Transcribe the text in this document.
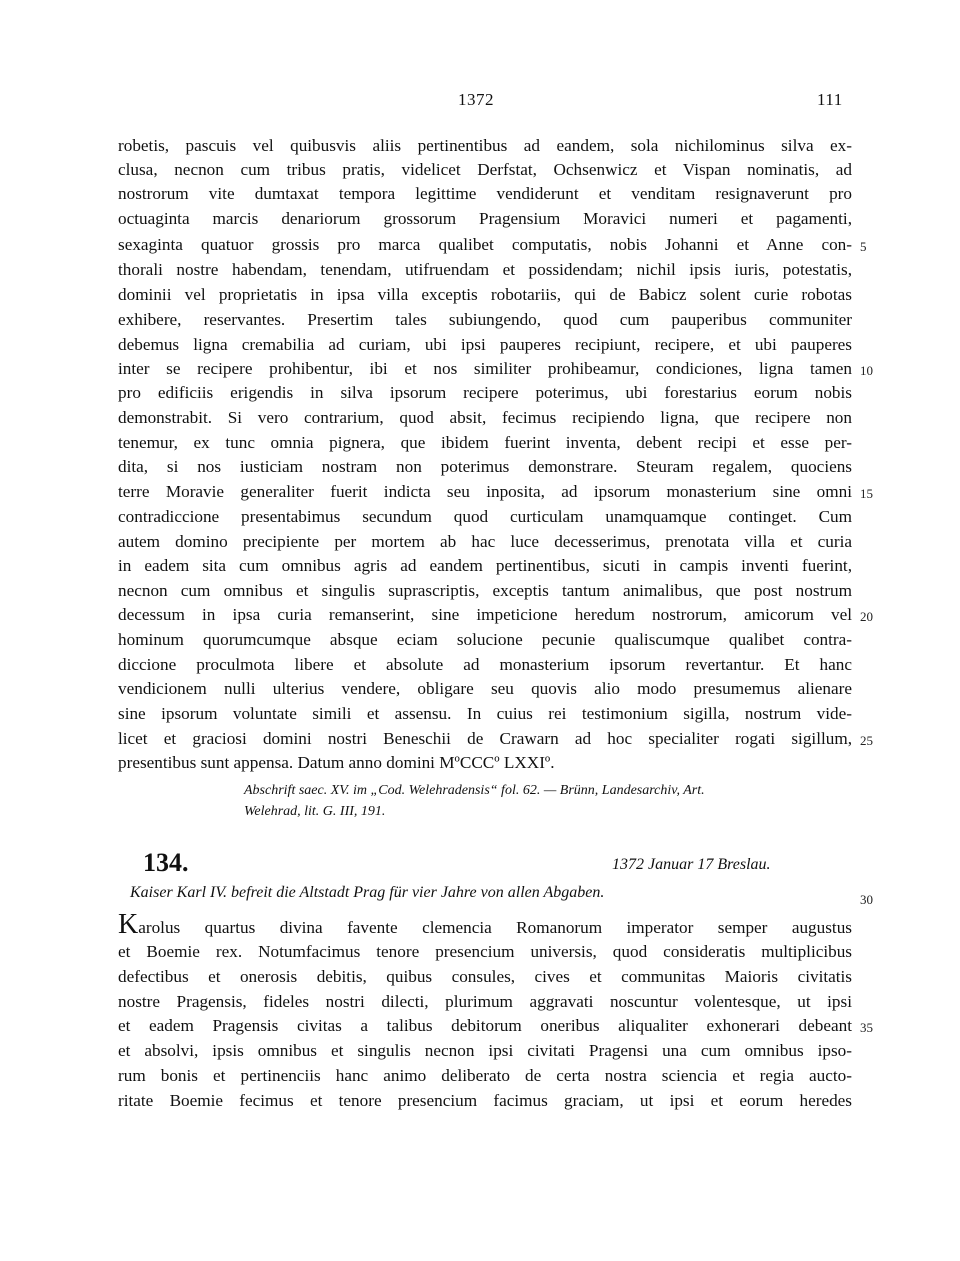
1372	111
robetis, pascuis vel quibusvis aliis pertinentibus ad eandem, sola nichilominus silva ex-
clusa, necnon cum tribus pratis, videlicet Derfstat, Ochsenwicz et Vispan nominatis, ad
nostrorum vite dumtaxat tempora legittime vendiderunt et venditam resignaverunt pro
octuaginta marcis denariorum grossorum Pragensium Moravici numeri et pagamenti,
sexaginta quatuor grossis pro marca qualibet computatis, nobis Johanni et Anne con- 5
thorali nostre habendam, tenendam, utifruendam et possidendam; nichil ipsis iuris, potestatis,
dominii vel proprietatis in ipsa villa exceptis robotariis, qui de Babicz solent curie robotas
exhibere, reservantes. Presertim tales subiungendo, quod cum pauperibus communiter
debemus ligna cremabilia ad curiam, ubi ipsi pauperes recipiunt, recipere, et ubi pauperes
inter se recipere prohibentur, ibi et nos similiter prohibeamur, condiciones, ligna tamen 10
pro edificiis erigendis in silva ipsorum recipere poterimus, ubi forestarius eorum nobis
demonstrabit. Si vero contrarium, quod absit, fecimus recipiendo ligna, que recipere non
tenemur, ex tunc omnia pignera, que ibidem fuerint inventa, debent recipi et esse per-
dita, si nos iusticiam nostram non poterimus demonstrare. Steuram regalem, quociens
terre Moravie generaliter fuerit indicta seu inposita, ad ipsorum monasterium sine omni 15
contradiccione presentabimus secundum quod curticulam unamquamque continget. Cum
autem domino precipiente per mortem ab hac luce decesserimus, prenotata villa et curia
in eadem sita cum omnibus agris ad eandem pertinentibus, sicuti in campis inventi fuerint,
necnon cum omnibus et singulis suprascriptis, exceptis tantum animalibus, que post nostrum
decessum in ipsa curia remanserint, sine impeticione heredum nostrorum, amicorum vel 20
hominum quorumcumque absque eciam solucione pecunie qualiscumque qualibet contra-
diccione proculmota libere et absolute ad monasterium ipsorum revertantur. Et hanc
vendicionem nulli ulterius vendere, obligare seu quovis alio modo presumemus alienare
sine ipsorum voluntate simili et assensu. In cuius rei testimonium sigilla, nostrum vide-
licet et graciosi domini nostri Beneschii de Crawarn ad hoc specialiter rogati sigillum, 25
presentibus sunt appensa. Datum anno domini MºCCCº LXXIº.
Abschrift saec. XV. im „Cod. Welehradensis“ fol. 62. — Brünn, Landesarchiv, Art.
Welehrad, lit. G. III, 191.
134.	1372 Januar 17 Breslau.
Kaiser Karl IV. befreit die Altstadt Prag für vier Jahre von allen Abgaben.	30
Karolus quartus divina favente clemencia Romanorum imperator semper augustus
et Boemie rex. Notumfacimus tenore presencium universis, quod consideratis multiplicibus
defectibus et onerosis debitis, quibus consules, cives et communitas Maioris civitatis
nostre Pragensis, fideles nostri dilecti, plurimum aggravati noscuntur volentesque, ut ipsi
et eadem Pragensis civitas a talibus debitorum oneribus aliqualiter exhonerari debeant 35
et absolvi, ipsis omnibus et singulis necnon ipsi civitati Pragensi una cum omnibus ipso-
rum bonis et pertinenciis hanc animo deliberato de certa nostra sciencia et regia aucto-
ritate Boemie fecimus et tenore presencium facimus graciam, ut ipsi et eorum heredes
